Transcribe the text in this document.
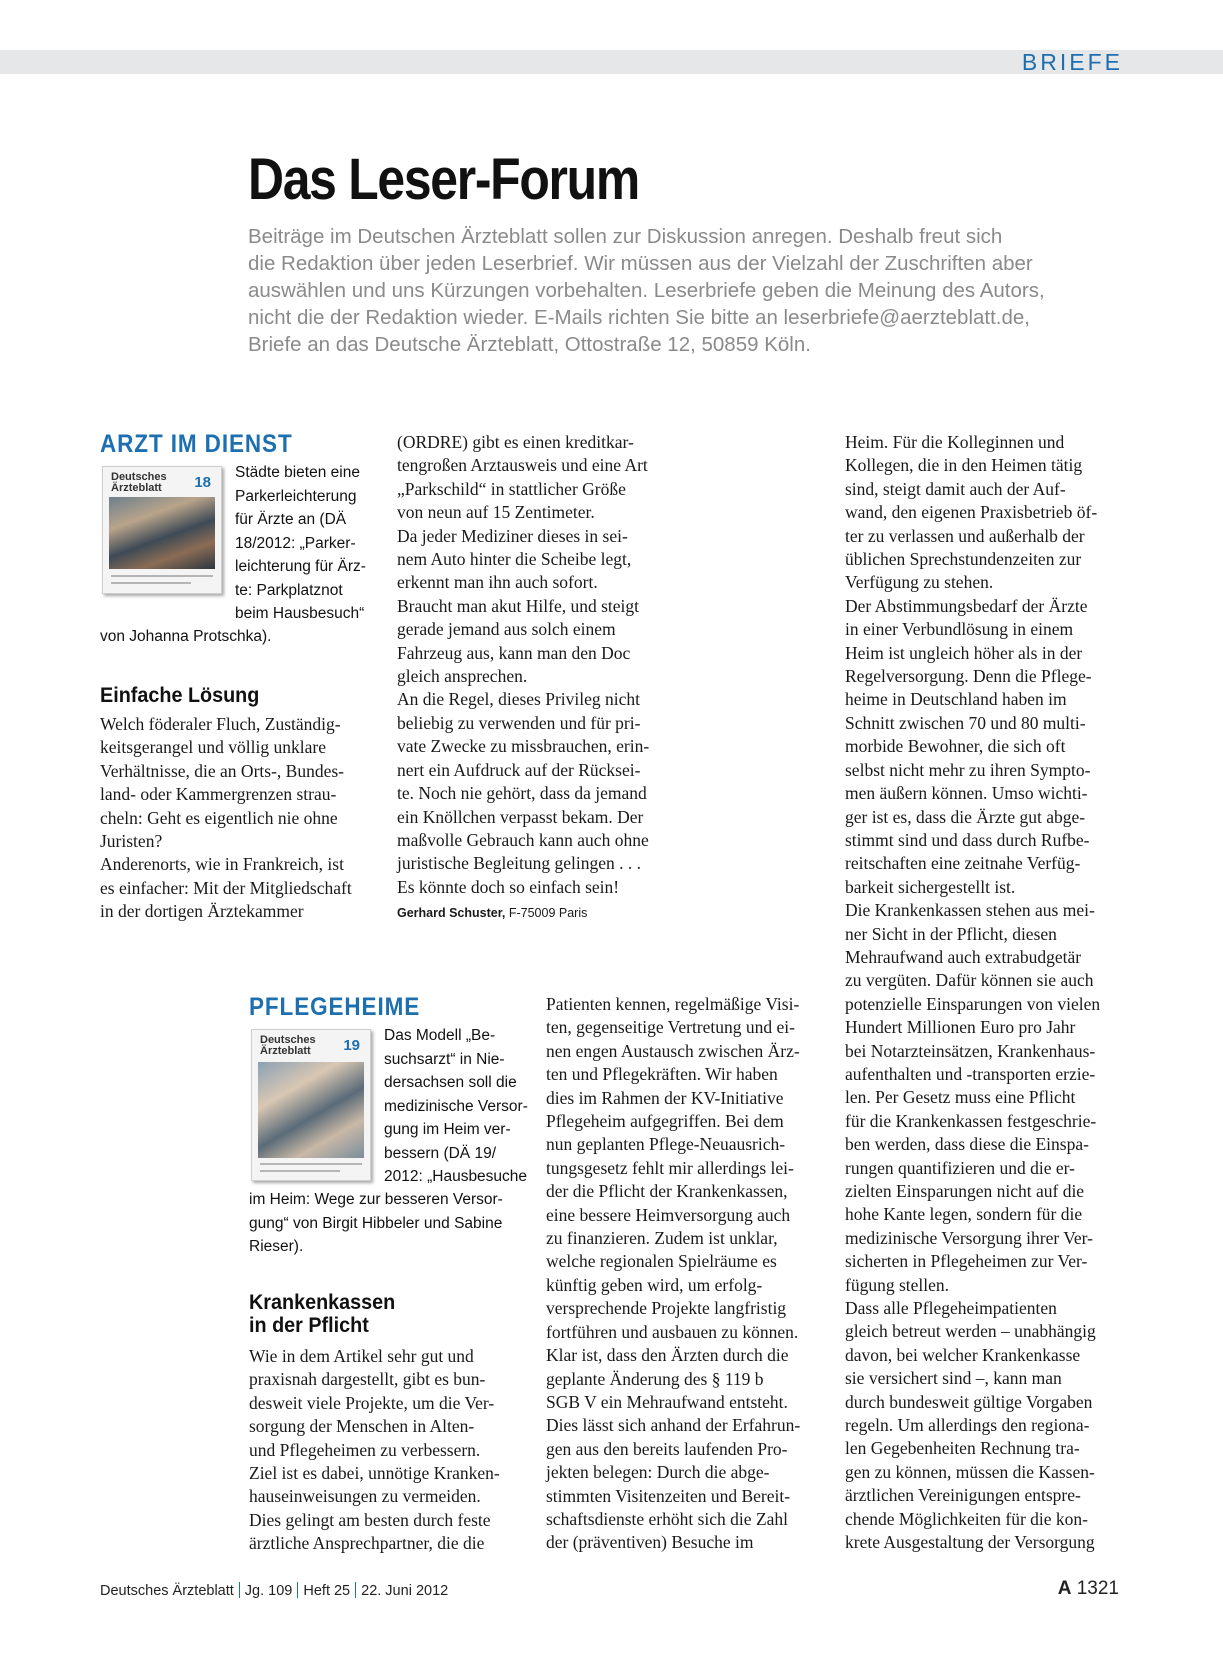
BRIEFE
Das Leser-Forum
Beiträge im Deutschen Ärzteblatt sollen zur Diskussion anregen. Deshalb freut sich
die Redaktion über jeden Leserbrief. Wir müssen aus der Vielzahl der Zuschriften aber
auswählen und uns Kürzungen vorbehalten. Leserbriefe geben die Meinung des Autors,
nicht die der Redaktion wieder. E-Mails richten Sie bitte an leserbriefe@aerzteblatt.de,
Briefe an das Deutsche Ärzteblatt, Ottostraße 12, 50859 Köln.
ARZT IM DIENST
Deutsches
Ärzteblatt	18
Städte bieten eine
Parkerleichterung
für Ärzte an (DÄ
18/2012: „Parker-
leichterung für Ärz-
te: Parkplatznot
beim Hausbesuch“
von Johanna Protschka).
Einfache Lösung
Welch föderaler Fluch, Zuständig-
keitsgerangel und völlig unklare
Verhältnisse, die an Orts-, Bundes-
land- oder Kammergrenzen strau-
cheln: Geht es eigentlich nie ohne
Juristen?
Anderenorts, wie in Frankreich, ist
es einfacher: Mit der Mitgliedschaft
in der dortigen Ärztekammer
(ORDRE) gibt es einen kreditkar-
tengroßen Arztausweis und eine Art
„Parkschild“ in stattlicher Größe
von neun auf 15 Zentimeter.
Da jeder Mediziner dieses in sei-
nem Auto hinter die Scheibe legt,
erkennt man ihn auch sofort.
Braucht man akut Hilfe, und steigt
gerade jemand aus solch einem
Fahrzeug aus, kann man den Doc
gleich ansprechen.
An die Regel, dieses Privileg nicht
beliebig zu verwenden und für pri-
vate Zwecke zu missbrauchen, erin-
nert ein Aufdruck auf der Rücksei-
te. Noch nie gehört, dass da jemand
ein Knöllchen verpasst bekam. Der
maßvolle Gebrauch kann auch ohne
juristische Begleitung gelingen . . .
Es könnte doch so einfach sein!
Gerhard Schuster, F-75009 Paris
PFLEGEHEIME
Deutsches
Ärzteblatt	19
Das Modell „Be-
suchsarzt“ in Nie-
dersachsen soll die
medizinische Versor-
gung im Heim ver-
bessern (DÄ 19/
2012: „Hausbesuche
im Heim: Wege zur besseren Versor-
gung“ von Birgit Hibbeler und Sabine
Rieser).
Krankenkassen
in der Pflicht
Wie in dem Artikel sehr gut und
praxisnah dargestellt, gibt es bun-
desweit viele Projekte, um die Ver-
sorgung der Menschen in Alten-
und Pflegeheimen zu verbessern.
Ziel ist es dabei, unnötige Kranken-
hauseinweisungen zu vermeiden.
Dies gelingt am besten durch feste
ärztliche Ansprechpartner, die die
Patienten kennen, regelmäßige Visi-
ten, gegenseitige Vertretung und ei-
nen engen Austausch zwischen Ärz-
ten und Pflegekräften. Wir haben
dies im Rahmen der KV-Initiative
Pflegeheim aufgegriffen. Bei dem
nun geplanten Pflege-Neuausrich-
tungsgesetz fehlt mir allerdings lei-
der die Pflicht der Krankenkassen,
eine bessere Heimversorgung auch
zu finanzieren. Zudem ist unklar,
welche regionalen Spielräume es
künftig geben wird, um erfolg-
versprechende Projekte langfristig
fortführen und ausbauen zu können.
Klar ist, dass den Ärzten durch die
geplante Änderung des § 119 b
SGB V ein Mehraufwand entsteht.
Dies lässt sich anhand der Erfahrun-
gen aus den bereits laufenden Pro-
jekten belegen: Durch die abge-
stimmten Visitenzeiten und Bereit-
schaftsdienste erhöht sich die Zahl
der (präventiven) Besuche im
Heim. Für die Kolleginnen und
Kollegen, die in den Heimen tätig
sind, steigt damit auch der Auf-
wand, den eigenen Praxisbetrieb öf-
ter zu verlassen und außerhalb der
üblichen Sprechstundenzeiten zur
Verfügung zu stehen.
Der Abstimmungsbedarf der Ärzte
in einer Verbundlösung in einem
Heim ist ungleich höher als in der
Regelversorgung. Denn die Pflege-
heime in Deutschland haben im
Schnitt zwischen 70 und 80 multi-
morbide Bewohner, die sich oft
selbst nicht mehr zu ihren Sympto-
men äußern können. Umso wichti-
ger ist es, dass die Ärzte gut abge-
stimmt sind und dass durch Rufbe-
reitschaften eine zeitnahe Verfüg-
barkeit sichergestellt ist.
Die Krankenkassen stehen aus mei-
ner Sicht in der Pflicht, diesen
Mehraufwand auch extrabudgetär
zu vergüten. Dafür können sie auch
potenzielle Einsparungen von vielen
Hundert Millionen Euro pro Jahr
bei Notarzteinsätzen, Krankenhaus-
aufenthalten und -transporten erzie-
len. Per Gesetz muss eine Pflicht
für die Krankenkassen festgeschrie-
ben werden, dass diese die Einspa-
rungen quantifizieren und die er-
zielten Einsparungen nicht auf die
hohe Kante legen, sondern für die
medizinische Versorgung ihrer Ver-
sicherten in Pflegeheimen zur Ver-
fügung stellen.
Dass alle Pflegeheimpatienten
gleich betreut werden – unabhängig
davon, bei welcher Krankenkasse
sie versichert sind –, kann man
durch bundesweit gültige Vorgaben
regeln. Um allerdings den regiona-
len Gegebenheiten Rechnung tra-
gen zu können, müssen die Kassen-
ärztlichen Vereinigungen entspre-
chende Möglichkeiten für die kon-
krete Ausgestaltung der Versorgung
Deutsches Ärzteblatt Jg. 109 Heft 25 22. Juni 2012	A 1321
